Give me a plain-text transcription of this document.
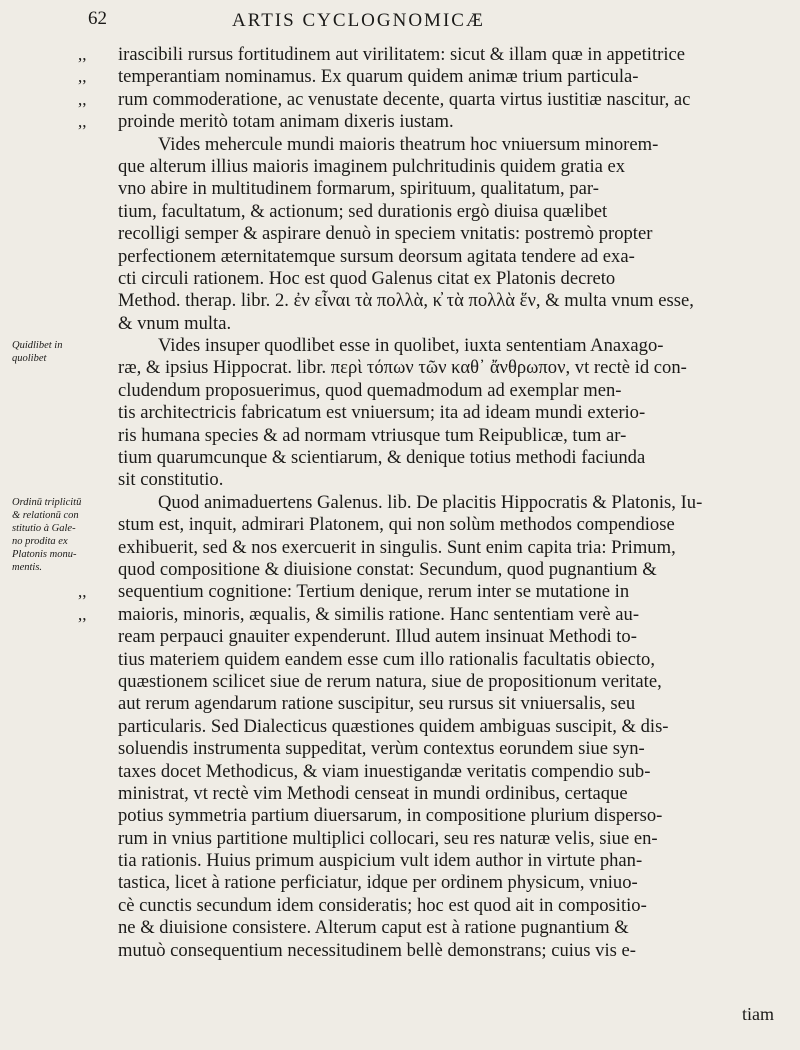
62	ARTIS CYCLOGNOMICÆ
,,	irascibili rursus fortitudinem aut virilitatem: sicut & illam quæ in appetitrice
,,	temperantiam nominamus. Ex quarum quidem animæ trium particula-
,,	rum commoderatione, ac venustate decente, quarta virtus iustitiæ nascitur, ac
,,	proinde meritò totam animam dixeris iustam.
Vides mehercule mundi maioris theatrum hoc vniuersum minorem-
que alterum illius maioris imaginem pulchritudinis quidem gratia ex
vno abire in multitudinem formarum, spirituum, qualitatum, par-
tium, facultatum, & actionum; sed durationis ergò diuisa quælibet
recolligi semper & aspirare denuò in speciem vnitatis: postremò propter
perfectionem æternitatemque sursum deorsum agitata tendere ad exa-
cti circuli rationem. Hoc est quod Galenus citat ex Platonis decreto
Method. therap. libr. 2. ἐν εἶναι τὰ πολλὰ, κ̓ τὰ πολλὰ ἕν, & multa vnum esse,
& vnum multa.
Vides insuper quodlibet esse in quolibet, iuxta sententiam Anaxago-
ræ, & ipsius Hippocrat. libr. περὶ τόπων τῶν καθ᾽ ἄνθρωπον, vt rectè id con-
cludendum proposuerimus, quod quemadmodum ad exemplar men-
tis architectricis fabricatum est vniuersum; ita ad ideam mundi exterio-
ris humana species & ad normam vtriusque tum Reipublicæ, tum ar-
tium quarumcunque & scientiarum, & denique totius methodi faciunda
sit constitutio.
Quod animaduertens Galenus. lib. De placitis Hippocratis & Platonis, Iu-
stum est, inquit, admirari Platonem, qui non solùm methodos compendiose
exhibuerit, sed & nos exercuerit in singulis. Sunt enim capita tria: Primum,
quod compositione & diuisione constat: Secundum, quod pugnantium &
,,	sequentium cognitione: Tertium denique, rerum inter se mutatione in
,,	maioris, minoris, æqualis, & similis ratione. Hanc sententiam verè au-
ream perpauci gnauiter expenderunt. Illud autem insinuat Methodi to-
tius materiem quidem eandem esse cum illo rationalis facultatis obiecto,
quæstionem scilicet siue de rerum natura, siue de propositionum veritate,
aut rerum agendarum ratione suscipitur, seu rursus sit vniuersalis, seu
particularis. Sed Dialecticus quæstiones quidem ambiguas suscipit, & dis-
soluendis instrumenta suppeditat, verùm contextus eorundem siue syn-
taxes docet Methodicus, & viam inuestigandæ veritatis compendio sub-
ministrat, vt rectè vim Methodi censeat in mundi ordinibus, certaque
potius symmetria partium diuersarum, in compositione plurium disperso-
rum in vnius partitione multiplici collocari, seu res naturæ velis, siue en-
tia rationis. Huius primum auspicium vult idem author in virtute phan-
tastica, licet à ratione perficiatur, idque per ordinem physicum, vniuo-
cè cunctis secundum idem consideratis; hoc est quod ait in compositio-
ne & diuisione consistere. Alterum caput est à ratione pugnantium &
mutuò consequentium necessitudinem bellè demonstrans; cuius vis e-
Quidlibet in
quolibet
Ordinū triplicitū
& relationū con
stitutio à Gale-
no prodita ex
Platonis monu-
mentis.
tiam
